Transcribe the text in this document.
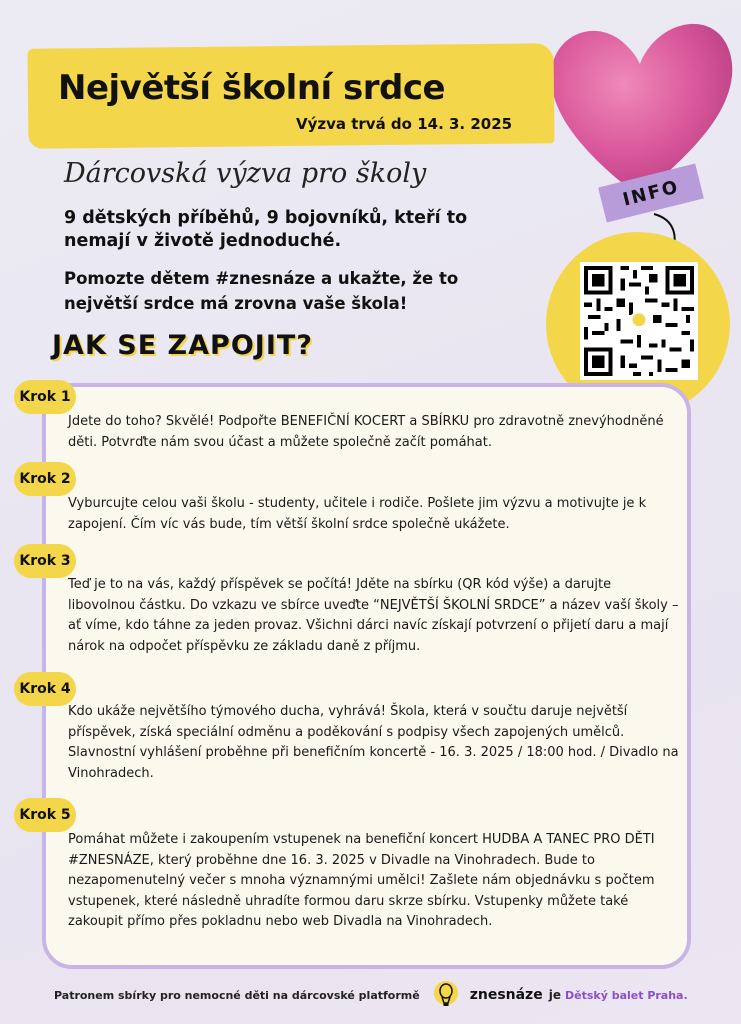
Největší školní srdce
Výzva trvá do 14. 3. 2025
INFO
Dárcovská výzva pro školy

9 dětských příběhů, 9 bojovníků, kteří to nemají v životě jednoduché.

Pomozte dětem #znesnáze a ukažte, že to největší srdce má zrovna vaše škola!

JAK SE ZAPOJIT?
Krok 1

Jdete do toho? Skvělé! Podpořte BENEFIČNÍ KOCERT a SBÍRKU pro zdravotně znevýhodněné děti. Potvrďte nám svou účast a můžete společně začít pomáhat.

Krok 2

Vyburcujte celou vaši školu - studenty, učitele i rodiče. Pošlete jim výzvu a motivujte je k zapojení. Čím víc vás bude, tím větší školní srdce společně ukážete.

Krok 3

Teď je to na vás, každý příspěvek se počítá! Jděte na sbírku (QR kód výše) a darujte libovolnou částku. Do vzkazu ve sbírce uveďte “NEJVĚTŠÍ ŠKOLNÍ SRDCE” a název vaší školy – ať víme, kdo táhne za jeden provaz. Všichni dárci navíc získají potvrzení o přijetí daru a mají nárok na odpočet příspěvku ze základu daně z příjmu.

Krok 4

Kdo ukáže největšího týmového ducha, vyhrává! Škola, která v součtu daruje největší příspěvek, získá speciální odměnu a poděkování s podpisy všech zapojených umělců. Slavnostní vyhlášení proběhne při benefičním koncertě - 16. 3. 2025 / 18:00 hod. / Divadlo na Vinohradech.

Krok 5

Pomáhat můžete i zakoupením vstupenek na benefiční koncert HUDBA A TANEC PRO DĚTI #ZNESNÁZE, který proběhne dne 16. 3. 2025 v Divadle na Vinohradech. Bude to nezapomenutelný večer s mnoha významnými umělci! Zašlete nám objednávku s počtem vstupenek, které následně uhradíte formou daru skrze sbírku. Vstupenky můžete také zakoupit přímo přes pokladnu nebo web Divadla na Vinohradech.

Patronem sbírky pro nemocné děti na dárcovské platformě	znesnáze je Dětský balet Praha.
